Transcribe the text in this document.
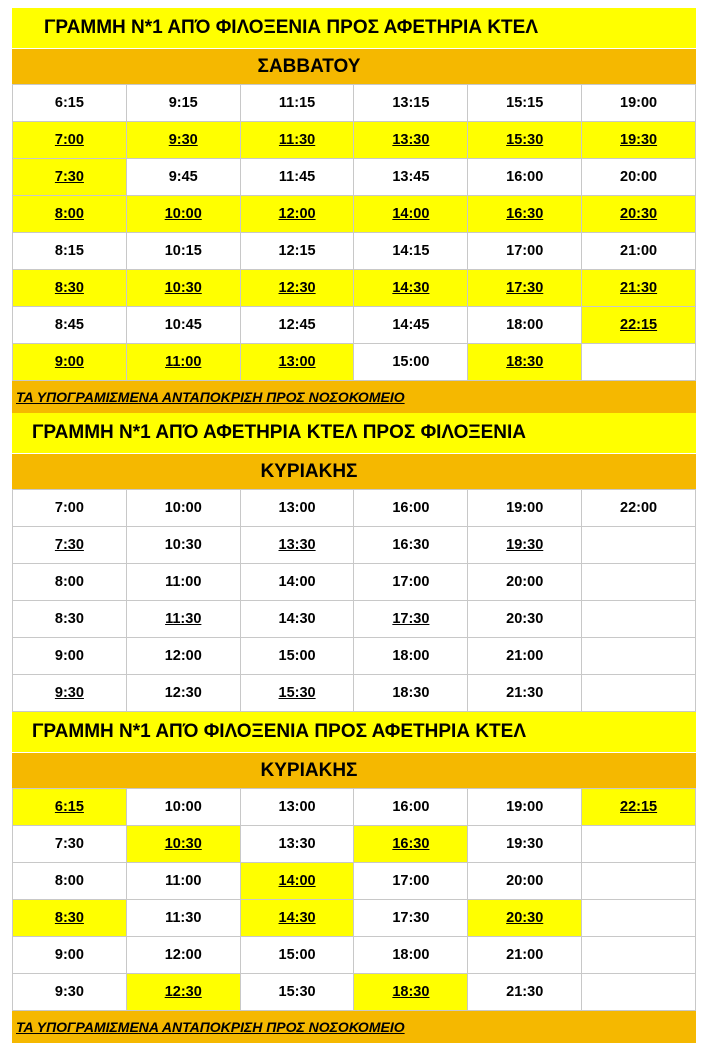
ΓΡΑΜΜΗ Ν*1 ΑΠΌ ΦΙΛΟΞΕΝΙΑ ΠΡΟΣ ΑΦΕΤΗΡΙΑ ΚΤΕΛ
ΣΑΒΒΑΤΟΥ
6:15	9:15	11:15	13:15	15:15	19:00
7:00	9:30	11:30	13:30	15:30	19:30
7:30	9:45	11:45	13:45	16:00	20:00
8:00	10:00	12:00	14:00	16:30	20:30
8:15	10:15	12:15	14:15	17:00	21:00
8:30	10:30	12:30	14:30	17:30	21:30
8:45	10:45	12:45	14:45	18:00	22:15
9:00	11:00	13:00	15:00	18:30	
ΤΑ ΥΠΟΓΡΑΜΙΣΜΕΝΑ ΑΝΤΑΠΟΚΡΙΣΗ ΠΡΟΣ ΝΟΣΟΚΟΜΕΙΟ
ΓΡΑΜΜΗ Ν*1 ΑΠΌ ΑΦΕΤΗΡΙΑ ΚΤΕΛ ΠΡΟΣ ΦΙΛΟΞΕΝΙΑ
ΚΥΡΙΑΚΗΣ
7:00	10:00	13:00	16:00	19:00	22:00
7:30	10:30	13:30	16:30	19:30	
8:00	11:00	14:00	17:00	20:00	
8:30	11:30	14:30	17:30	20:30	
9:00	12:00	15:00	18:00	21:00	
9:30	12:30	15:30	18:30	21:30	
ΓΡΑΜΜΗ Ν*1 ΑΠΌ ΦΙΛΟΞΕΝΙΑ ΠΡΟΣ ΑΦΕΤΗΡΙΑ ΚΤΕΛ
ΚΥΡΙΑΚΗΣ
6:15	10:00	13:00	16:00	19:00	22:15
7:30	10:30	13:30	16:30	19:30	
8:00	11:00	14:00	17:00	20:00	
8:30	11:30	14:30	17:30	20:30	
9:00	12:00	15:00	18:00	21:00	
9:30	12:30	15:30	18:30	21:30	
ΤΑ ΥΠΟΓΡΑΜΙΣΜΕΝΑ ΑΝΤΑΠΟΚΡΙΣΗ ΠΡΟΣ ΝΟΣΟΚΟΜΕΙΟ
